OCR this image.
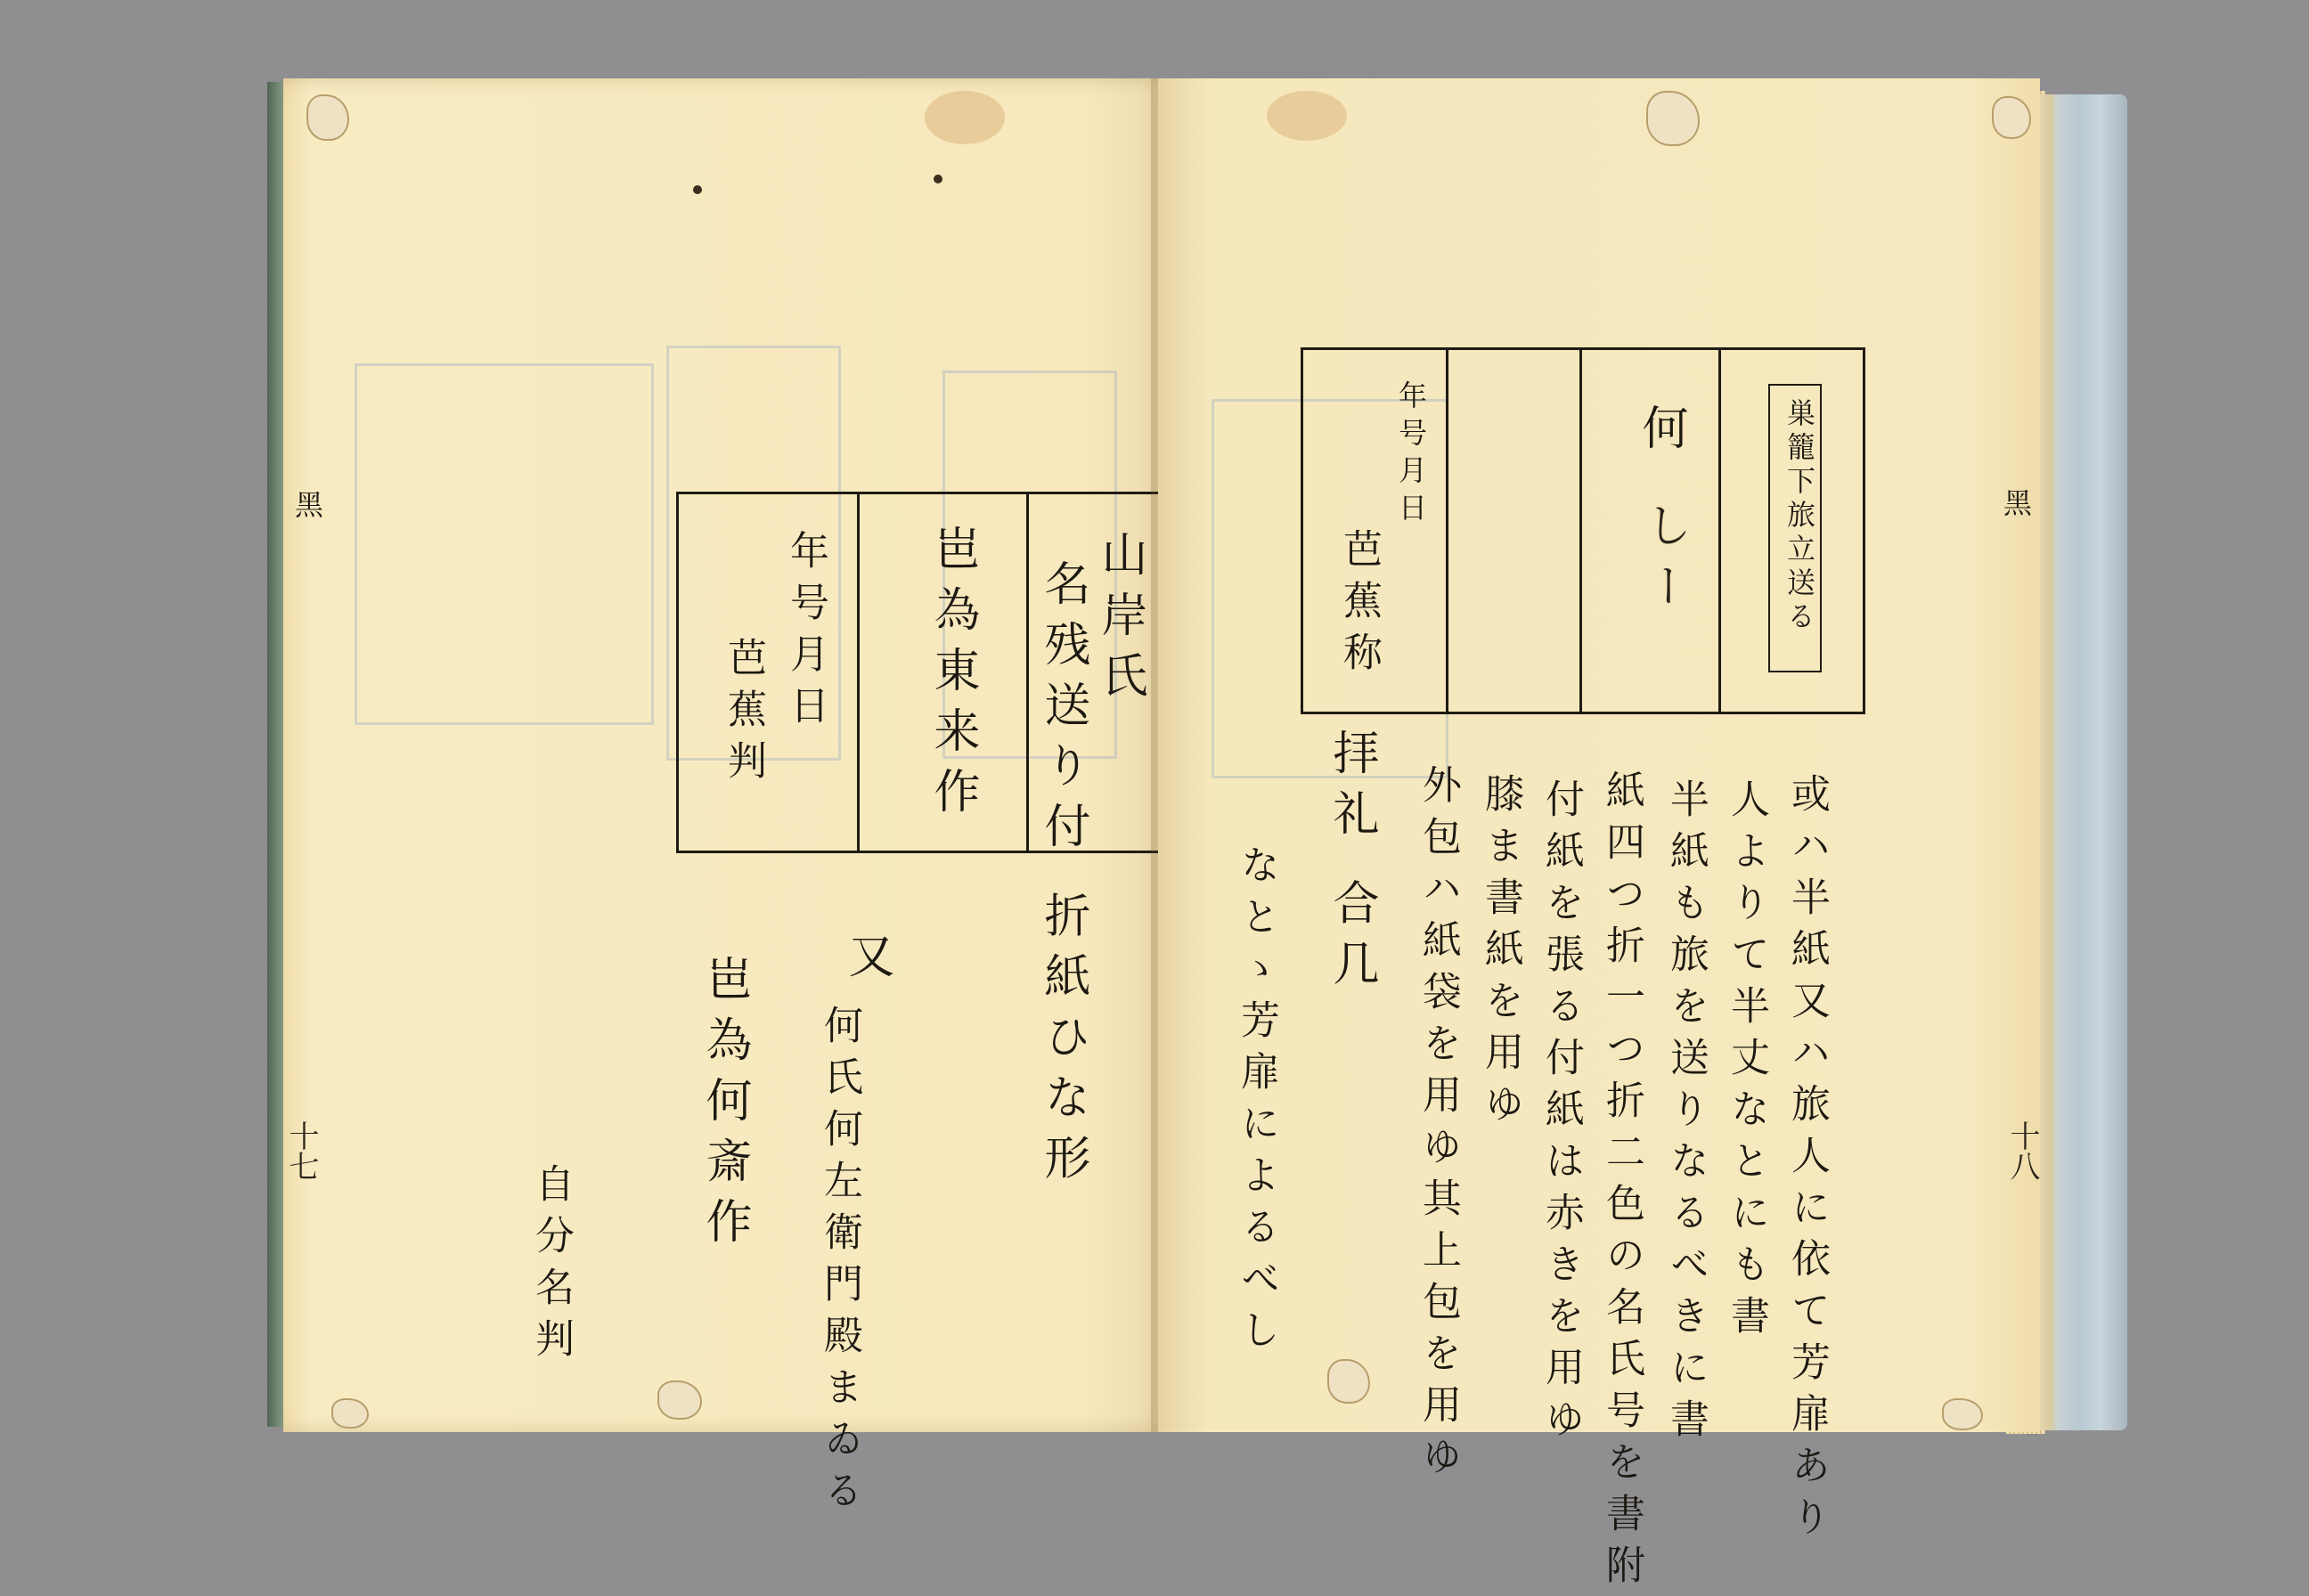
黑
十七	名残送り付 折紙ひな形 山岸氏
岜為東来作
年号月日
芭蕉判
又
何氏何左衛門殿まゐる
岜為何斎作
自分名判
黑
十八
巣籠下旅立送る
何
しー
年号月日
芭蕉称
拝礼 合几	或ハ半紙又ハ旅人に依て芳扉あり
人よりて半丈なとにも書
半紙も旅を送りなるべきに書
紙四つ折一つ折二色の名氏号を書附
付紙を張る付紙は赤きを用ゆ
膝ま書紙を用ゆ
外包ハ紙袋を用ゆ其上包を用ゆ
なとゝ芳扉によるべし
